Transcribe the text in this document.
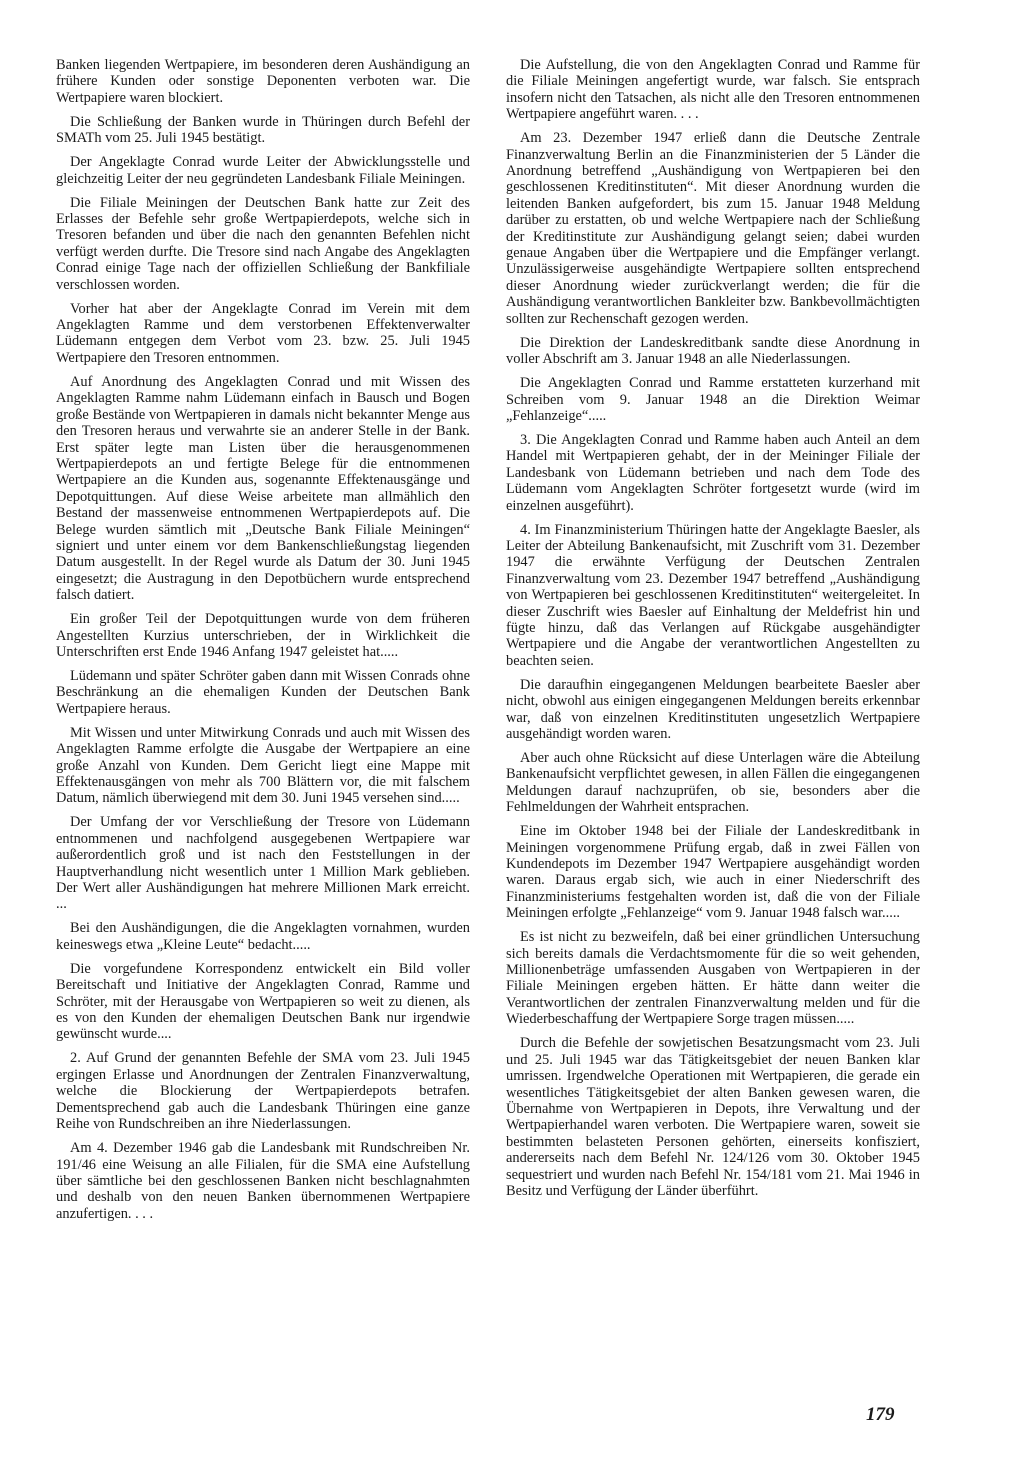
Banken liegenden Wertpapiere, im besonderen deren Aushändigung an frühere Kunden oder sonstige Deponenten verboten war. Die Wertpapiere waren blockiert.

Die Schließung der Banken wurde in Thüringen durch Befehl der SMATh vom 25. Juli 1945 bestätigt.

Der Angeklagte Conrad wurde Leiter der Abwicklungsstelle und gleichzeitig Leiter der neu gegründeten Landesbank Filiale Meiningen.

Die Filiale Meiningen der Deutschen Bank hatte zur Zeit des Erlasses der Befehle sehr große Wertpapierdepots, welche sich in Tresoren befanden und über die nach den genannten Befehlen nicht verfügt werden durfte. Die Tresore sind nach Angabe des Angeklagten Conrad einige Tage nach der offiziellen Schließung der Bankfiliale verschlossen worden.

Vorher hat aber der Angeklagte Conrad im Verein mit dem Angeklagten Ramme und dem verstorbenen Effektenverwalter Lüdemann entgegen dem Verbot vom 23. bzw. 25. Juli 1945 Wertpapiere den Tresoren entnommen.

Auf Anordnung des Angeklagten Conrad und mit Wissen des Angeklagten Ramme nahm Lüdemann einfach in Bausch und Bogen große Bestände von Wertpapieren in damals nicht bekannter Menge aus den Tresoren heraus und verwahrte sie an anderer Stelle in der Bank. Erst später legte man Listen über die herausgenommenen Wertpapierdepots an und fertigte Belege für die entnommenen Wertpapiere an die Kunden aus, sogenannte Effektenausgänge und Depotquittungen. Auf diese Weise arbeitete man allmählich den Bestand der massenweise entnommenen Wertpapierdepots auf. Die Belege wurden sämtlich mit „Deutsche Bank Filiale Meiningen“ signiert und unter einem vor dem Bankenschließungstag liegenden Datum ausgestellt. In der Regel wurde als Datum der 30. Juni 1945 eingesetzt; die Austragung in den Depotbüchern wurde entsprechend falsch datiert.

Ein großer Teil der Depotquittungen wurde von dem früheren Angestellten Kurzius unterschrieben, der in Wirklichkeit die Unterschriften erst Ende 1946 Anfang 1947 geleistet hat.....

Lüdemann und später Schröter gaben dann mit Wissen Conrads ohne Beschränkung an die ehemaligen Kunden der Deutschen Bank Wertpapiere heraus.

Mit Wissen und unter Mitwirkung Conrads und auch mit Wissen des Angeklagten Ramme erfolgte die Ausgabe der Wertpapiere an eine große Anzahl von Kunden. Dem Gericht liegt eine Mappe mit Effektenausgängen von mehr als 700 Blättern vor, die mit falschem Datum, nämlich überwiegend mit dem 30. Juni 1945 versehen sind.....

Der Umfang der vor Verschließung der Tresore von Lüdemann entnommenen und nachfolgend ausgegebenen Wertpapiere war außerordentlich groß und ist nach den Feststellungen in der Hauptverhandlung nicht wesentlich unter 1 Million Mark geblieben. Der Wert aller Aushändigungen hat mehrere Millionen Mark erreicht. ...

Bei den Aushändigungen, die die Angeklagten vornahmen, wurden keineswegs etwa „Kleine Leute“ bedacht.....

Die vorgefundene Korrespondenz entwickelt ein Bild voller Bereitschaft und Initiative der Angeklagten Conrad, Ramme und Schröter, mit der Herausgabe von Wertpapieren so weit zu dienen, als es von den Kunden der ehemaligen Deutschen Bank nur irgendwie gewünscht wurde....

2. Auf Grund der genannten Befehle der SMA vom 23. Juli 1945 ergingen Erlasse und Anordnungen der Zentralen Finanzverwaltung, welche die Blockierung der Wertpapierdepots betrafen. Dementsprechend gab auch die Landesbank Thüringen eine ganze Reihe von Rundschreiben an ihre Niederlassungen.

Am 4. Dezember 1946 gab die Landesbank mit Rundschreiben Nr. 191/46 eine Weisung an alle Filialen, für die SMA eine Aufstellung über sämtliche bei den geschlossenen Banken nicht beschlagnahmten und deshalb von den neuen Banken übernommenen Wertpapiere anzufertigen. . . .

Die Aufstellung, die von den Angeklagten Conrad und Ramme für die Filiale Meiningen angefertigt wurde, war falsch. Sie entsprach insofern nicht den Tatsachen, als nicht alle den Tresoren entnommenen Wertpapiere angeführt waren. . . .

Am 23. Dezember 1947 erließ dann die Deutsche Zentrale Finanzverwaltung Berlin an die Finanzministerien der 5 Länder die Anordnung betreffend „Aushändigung von Wertpapieren bei den geschlossenen Kreditinstituten“. Mit dieser Anordnung wurden die leitenden Banken aufgefordert, bis zum 15. Januar 1948 Meldung darüber zu erstatten, ob und welche Wertpapiere nach der Schließung der Kreditinstitute zur Aushändigung gelangt seien; dabei wurden genaue Angaben über die Wertpapiere und die Empfänger verlangt. Unzulässigerweise ausgehändigte Wertpapiere sollten entsprechend dieser Anordnung wieder zurückverlangt werden; die für die Aushändigung verantwortlichen Bankleiter bzw. Bankbevollmächtigten sollten zur Rechenschaft gezogen werden.

Die Direktion der Landeskreditbank sandte diese Anordnung in voller Abschrift am 3. Januar 1948 an alle Niederlassungen.

Die Angeklagten Conrad und Ramme erstatteten kurzerhand mit Schreiben vom 9. Januar 1948 an die Direktion Weimar „Fehlanzeige“.....

3. Die Angeklagten Conrad und Ramme haben auch Anteil an dem Handel mit Wertpapieren gehabt, der in der Meininger Filiale der Landesbank von Lüdemann betrieben und nach dem Tode des Lüdemann vom Angeklagten Schröter fortgesetzt wurde (wird im einzelnen ausgeführt).

4. Im Finanzministerium Thüringen hatte der Angeklagte Baesler, als Leiter der Abteilung Bankenaufsicht, mit Zuschrift vom 31. Dezember 1947 die erwähnte Verfügung der Deutschen Zentralen Finanzverwaltung vom 23. Dezember 1947 betreffend „Aushändigung von Wertpapieren bei geschlossenen Kreditinstituten“ weitergeleitet. In dieser Zuschrift wies Baesler auf Einhaltung der Meldefrist hin und fügte hinzu, daß das Verlangen auf Rückgabe ausgehändigter Wertpapiere und die Angabe der verantwortlichen Angestellten zu beachten seien.

Die daraufhin eingegangenen Meldungen bearbeitete Baesler aber nicht, obwohl aus einigen eingegangenen Meldungen bereits erkennbar war, daß von einzelnen Kreditinstituten ungesetzlich Wertpapiere ausgehändigt worden waren.

Aber auch ohne Rücksicht auf diese Unterlagen wäre die Abteilung Bankenaufsicht verpflichtet gewesen, in allen Fällen die eingegangenen Meldungen darauf nachzuprüfen, ob sie, besonders aber die Fehlmeldungen der Wahrheit entsprachen.

Eine im Oktober 1948 bei der Filiale der Landeskreditbank in Meiningen vorgenommene Prüfung ergab, daß in zwei Fällen von Kundendepots im Dezember 1947 Wertpapiere ausgehändigt worden waren. Daraus ergab sich, wie auch in einer Niederschrift des Finanzministeriums festgehalten worden ist, daß die von der Filiale Meiningen erfolgte „Fehlanzeige“ vom 9. Januar 1948 falsch war.....

Es ist nicht zu bezweifeln, daß bei einer gründlichen Untersuchung sich bereits damals die Verdachtsmomente für die so weit gehenden, Millionenbeträge umfassenden Ausgaben von Wertpapieren in der Filiale Meiningen ergeben hätten. Er hätte dann weiter die Verantwortlichen der zentralen Finanzverwaltung melden und für die Wiederbeschaffung der Wertpapiere Sorge tragen müssen.....

Durch die Befehle der sowjetischen Besatzungsmacht vom 23. Juli und 25. Juli 1945 war das Tätigkeitsgebiet der neuen Banken klar umrissen. Irgendwelche Operationen mit Wertpapieren, die gerade ein wesentliches Tätigkeitsgebiet der alten Banken gewesen waren, die Übernahme von Wertpapieren in Depots, ihre Verwaltung und der Wertpapierhandel waren verboten. Die Wertpapiere waren, soweit sie bestimmten belasteten Personen gehörten, einerseits konfisziert, andererseits nach dem Befehl Nr. 124/126 vom 30. Oktober 1945 sequestriert und wurden nach Befehl Nr. 154/181 vom 21. Mai 1946 in Besitz und Verfügung der Länder überführt.

179
